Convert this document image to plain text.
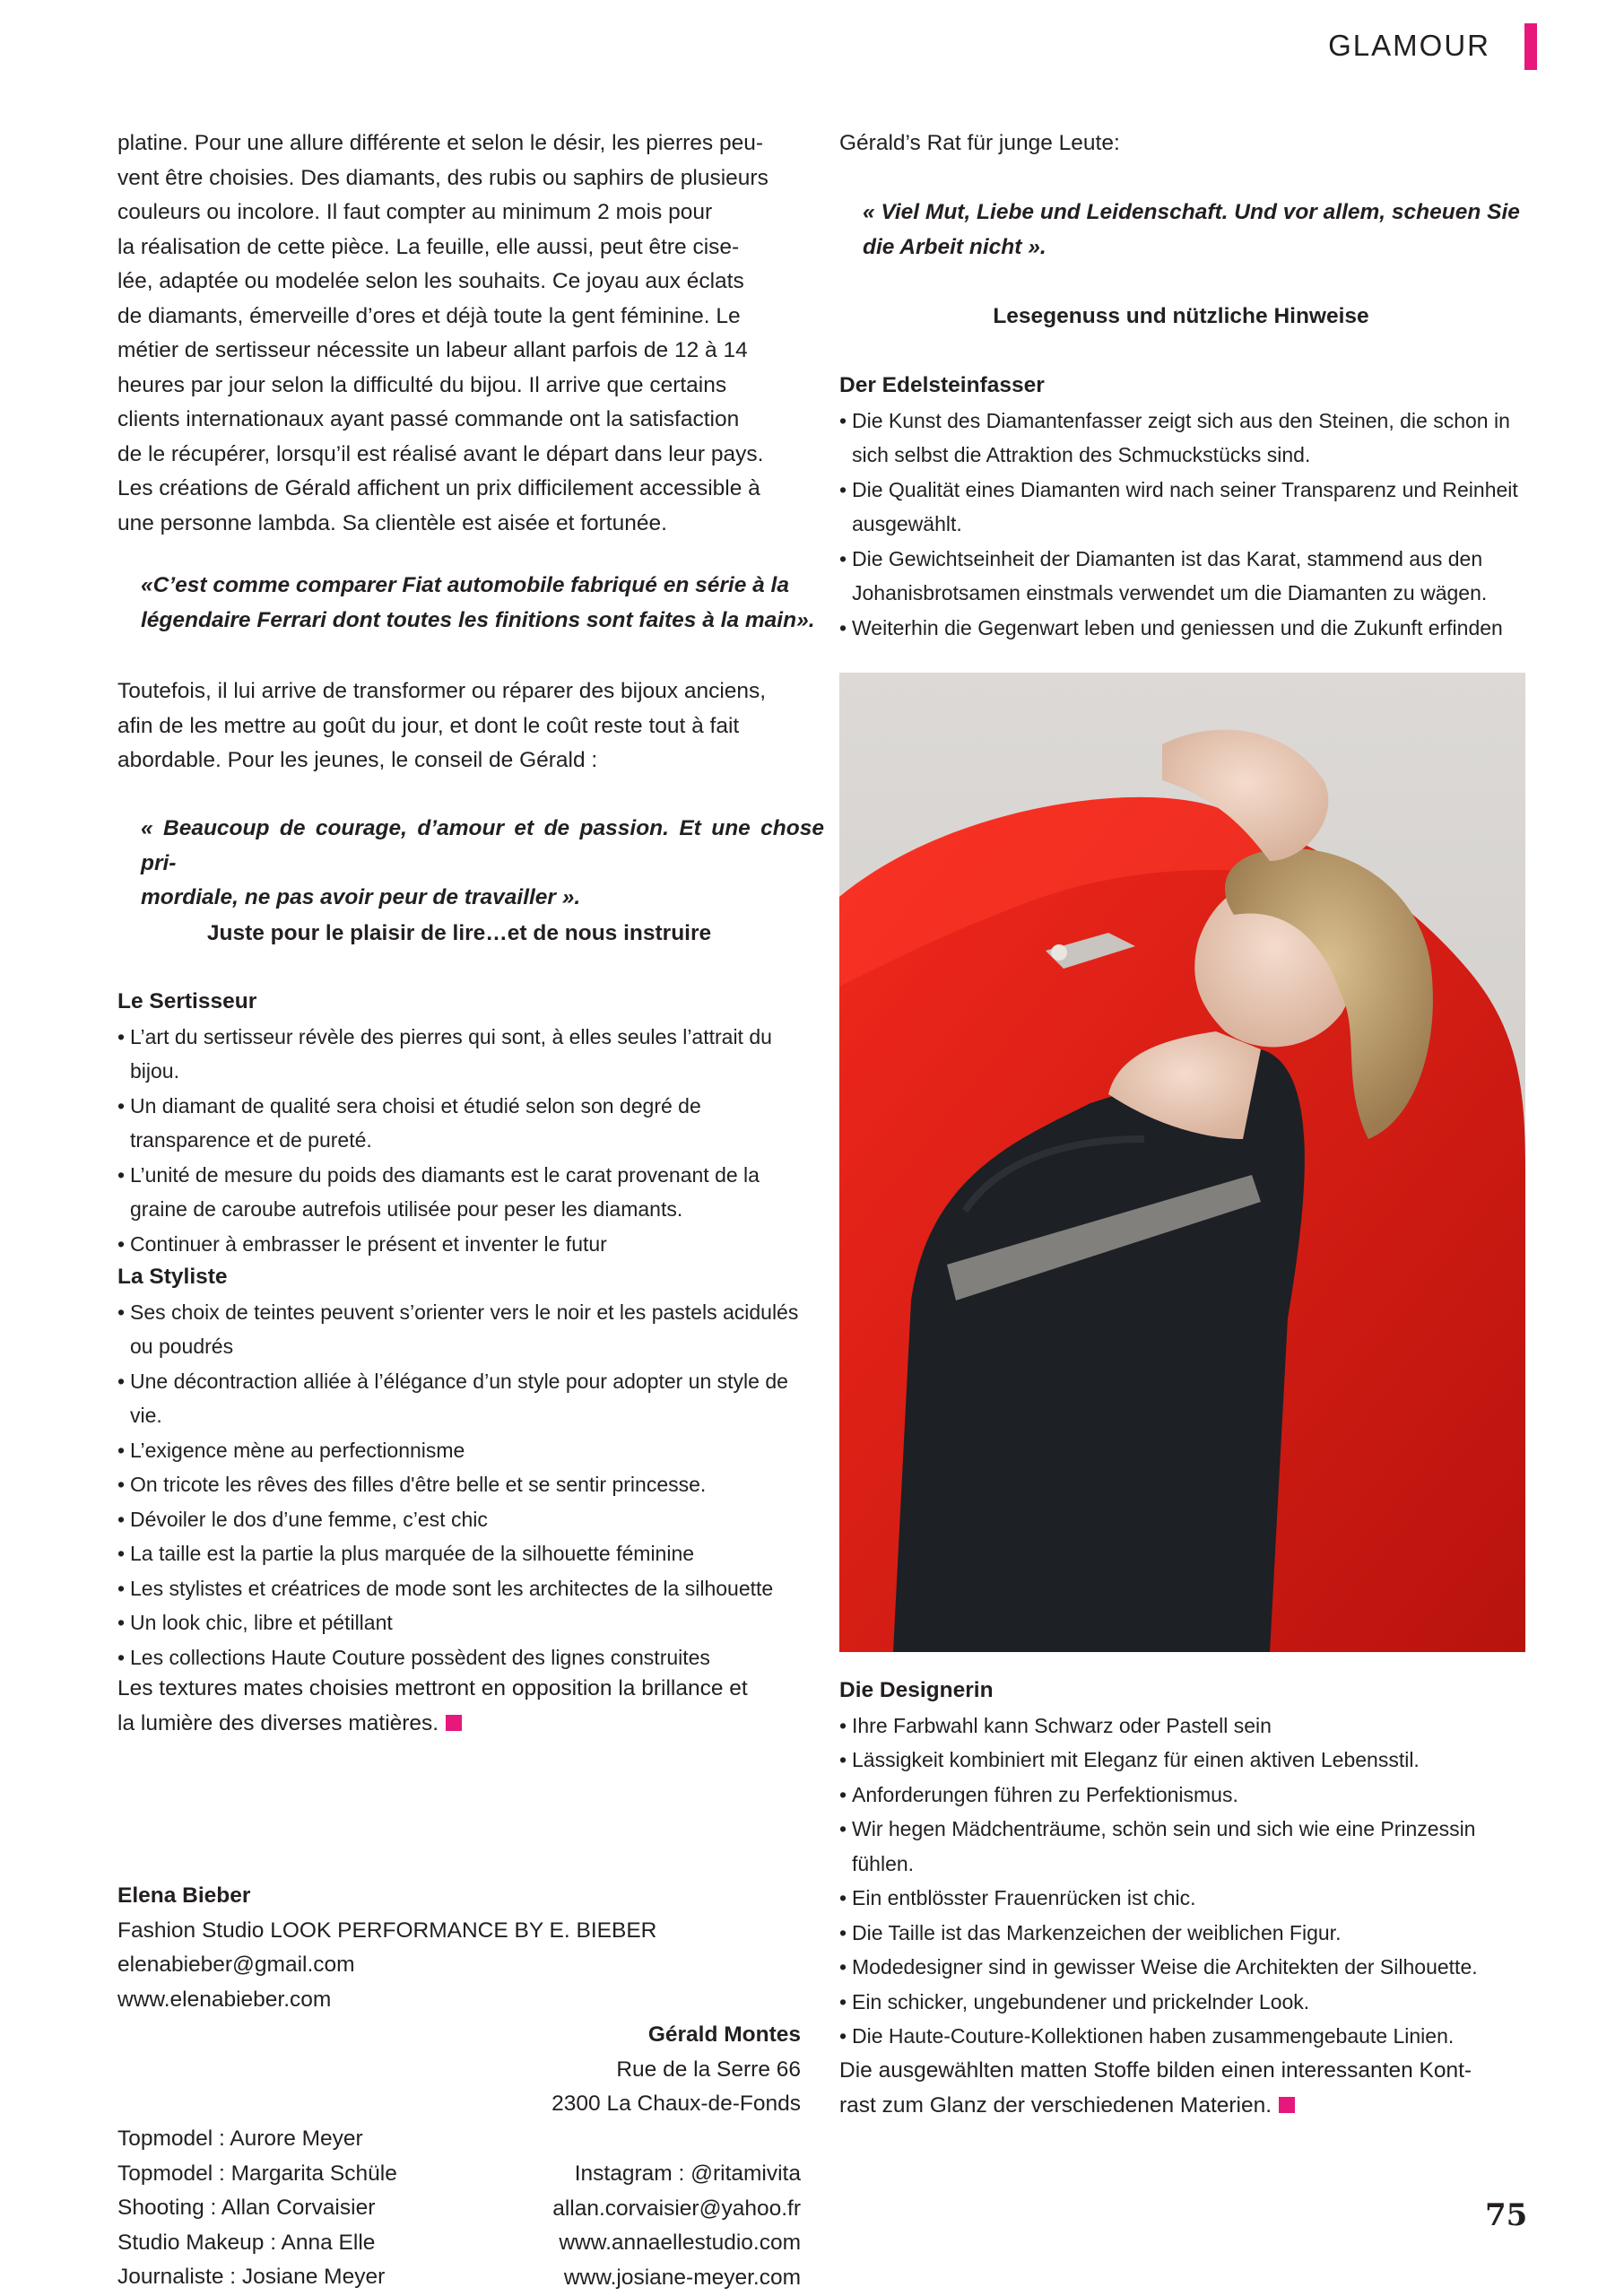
GLAMOUR

platine. Pour une allure différente et selon le désir, les pierres peu-

vent être choisies. Des diamants, des rubis ou saphirs de plusieurs

couleurs ou incolore. Il faut compter au minimum 2 mois pour

la réalisation de cette pièce. La feuille, elle aussi, peut être cise-

lée, adaptée ou modelée selon les souhaits. Ce joyau aux éclats

de diamants, émerveille d’ores et déjà toute la gent féminine. Le

métier de sertisseur nécessite un labeur allant parfois de 12 à 14

heures par jour selon la difficulté du bijou. Il arrive que certains

clients internationaux ayant passé commande ont la satisfaction

de le récupérer, lorsqu’il est réalisé avant le départ dans leur pays.

Les créations de Gérald affichent un prix difficilement accessible à

une personne lambda. Sa clientèle est aisée et fortunée.

«C’est comme comparer Fiat automobile fabriqué en série à la

légendaire Ferrari dont toutes les finitions sont faites à la main».

Toutefois, il lui arrive de transformer ou réparer des bijoux anciens,

afin de les mettre au goût du jour, et dont le coût reste tout à fait

abordable. Pour les jeunes, le conseil de Gérald :

« Beaucoup de courage, d’amour et de passion. Et une chose pri-

mordiale, ne pas avoir peur de travailler ».

Juste pour le plaisir de lire…et de nous instruire
Le Sertisseur
• L’art du sertisseur révèle des pierres qui sont, à elles seules l’attrait du bijou.
• Un diamant de qualité sera choisi et étudié selon son degré de transparence et de pureté.
• L’unité de mesure du poids des diamants est le carat provenant de la graine de caroube autrefois utilisée pour peser les diamants.
• Continuer à embrasser le présent et inventer le futur
La Styliste
• Ses choix de teintes peuvent s’orienter vers le noir et les pastels acidulés ou poudrés
• Une décontraction alliée à l’élégance d’un style pour adopter un style de vie.
• L’exigence mène au perfectionnisme
• On tricote les rêves des filles d'être belle et se sentir princesse.
• Dévoiler le dos d’une femme, c’est chic
• La taille est la partie la plus marquée de la silhouette féminine
• Les stylistes et créatrices de mode sont les architectes de la silhouette
• Un look chic, libre et pétillant
• Les collections Haute Couture possèdent des lignes construites

Les textures mates choisies mettront en opposition la brillance et

la lumière des diverses matières.

Elena Bieber

Fashion Studio LOOK PERFORMANCE BY E. BIEBER

elenabieber@gmail.com

www.elenabieber.com

Gérald Montes

Rue de la Serre 66

2300 La Chaux-de-Fonds

Topmodel : Aurore Meyer

Topmodel : Margarita Schüle

Shooting : Allan Corvaisier

Studio Makeup : Anna Elle

Journaliste : Josiane Meyer

Instagram : @ritamivita

allan.corvaisier@yahoo.fr

www.annaellestudio.com

www.josiane-meyer.com

Gérald’s Rat für junge Leute:

« Viel Mut, Liebe und Leidenschaft. Und vor allem, scheuen Sie

die Arbeit nicht ».

Lesegenuss und nützliche Hinweise
Der Edelsteinfasser
• Die Kunst des Diamantenfasser zeigt sich aus den Steinen, die schon in sich selbst die Attraktion des Schmuckstücks sind.
• Die Qualität eines Diamanten wird nach seiner Transparenz und Reinheit ausgewählt.
• Die Gewichtseinheit der Diamanten ist das Karat, stammend aus den Johanisbrotsamen einstmals verwendet um die Diamanten zu wägen.
• Weiterhin die Gegenwart leben und geniessen und die Zukunft erfinden
Die Designerin
• Ihre Farbwahl kann Schwarz oder Pastell sein
• Lässigkeit kombiniert mit Eleganz für einen aktiven Lebensstil.
• Anforderungen führen zu Perfektionismus.
• Wir hegen Mädchenträume, schön sein und sich wie eine Prinzessin fühlen.
• Ein entblösster Frauenrücken ist chic.
• Die Taille ist das Markenzeichen der weiblichen Figur.
• Modedesigner sind in gewisser Weise die Architekten der Silhouette.
• Ein schicker, ungebundener und prickelnder Look.
• Die Haute-Couture-Kollektionen haben zusammengebaute Linien.

Die ausgewählten matten Stoffe bilden einen interessanten Kont-

rast zum Glanz der verschiedenen Materien.

75
